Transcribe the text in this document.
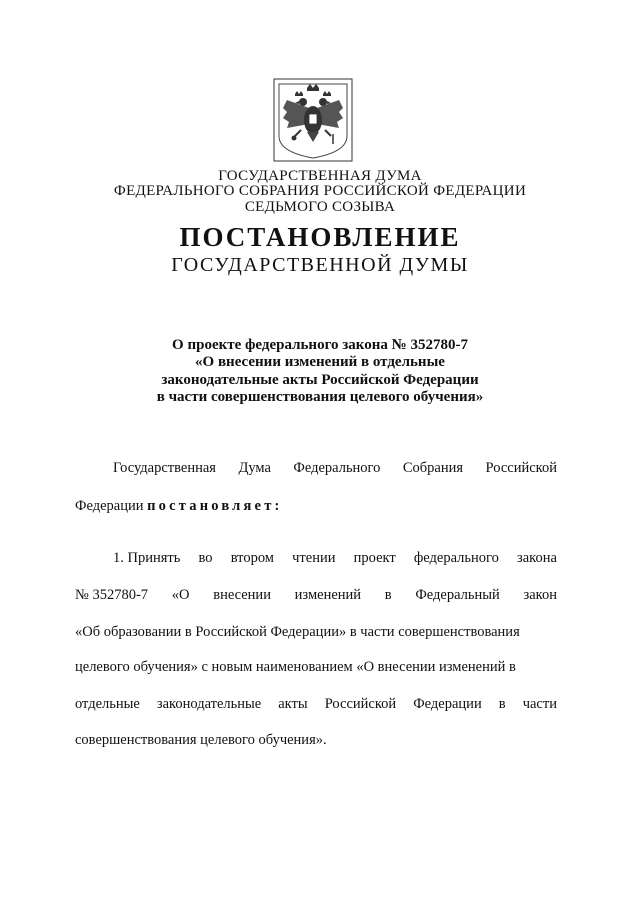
ГОСУДАРСТВЕННАЯ ДУМА
ФЕДЕРАЛЬНОГО СОБРАНИЯ РОССИЙСКОЙ ФЕДЕРАЦИИ
СЕДЬМОГО СОЗЫВА
ПОСТАНОВЛЕНИЕ
ГОСУДАРСТВЕННОЙ ДУМЫ
О проекте федерального закона № 352780-7
«О внесении изменений в отдельные
законодательные акты Российской Федерации
в части совершенствования целевого обучения»
Государственная Дума Федерального Собрания Российской
Федерации постановляет:
1. Принять во втором чтении проект федерального закона
№ 352780-7 «О внесении изменений в Федеральный закон
«Об образовании в Российской Федерации» в части совершенствования
целевого обучения» с новым наименованием «О внесении изменений в
отдельные законодательные акты Российской Федерации в части
совершенствования целевого обучения».
